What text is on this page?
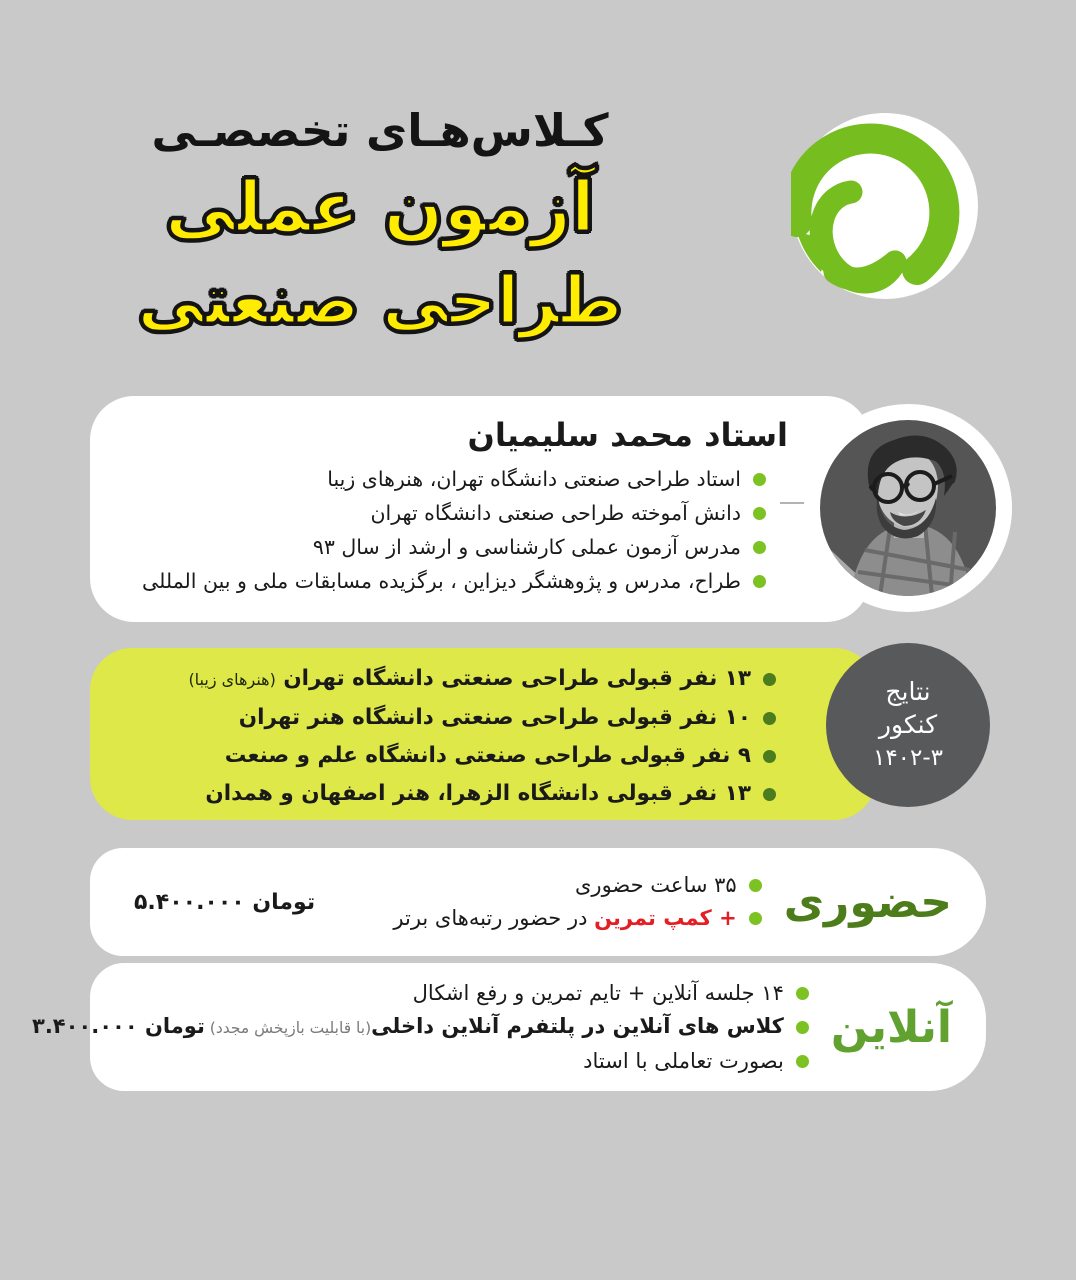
کـلاس‌هـای تخصصـی
آزمون عملی
طراحی صنعتی
استاد محمد سلیمیان
استاد طراحی صنعتی دانشگاه تهران، هنرهای زیبا
دانش آموخته طراحی صنعتی دانشگاه تهران
مدرس آزمون عملی کارشناسی و ارشد از سال ۹۳
طراح، مدرس و پژوهشگر دیزاین ، برگزیده مسابقات ملی و بین المللی
۱۳ نفر قبولی طراحی صنعتی دانشگاه تهران (هنرهای زیبا)
۱۰ نفر قبولی طراحی صنعتی دانشگاه هنر تهران
۹ نفر قبولی طراحی صنعتی دانشگاه علم و صنعت
۱۳ نفر قبولی دانشگاه الزهرا، هنر اصفهان و همدان
نتایج
کنکور
۱۴۰۲-۳
حضوری
۳۵ ساعت حضوری
+ کمپ تمرین در حضور رتبه‌های برتر
۵.۴۰۰.۰۰۰ تومان
آنلاین
۱۴ جلسه آنلاین + تایم تمرین و رفع اشکال
کلاس های آنلاین در پلتفرم آنلاین داخلی(با قابلیت بازپخش مجدد) ۳.۴۰۰.۰۰۰ تومان
بصورت تعاملی با استاد
